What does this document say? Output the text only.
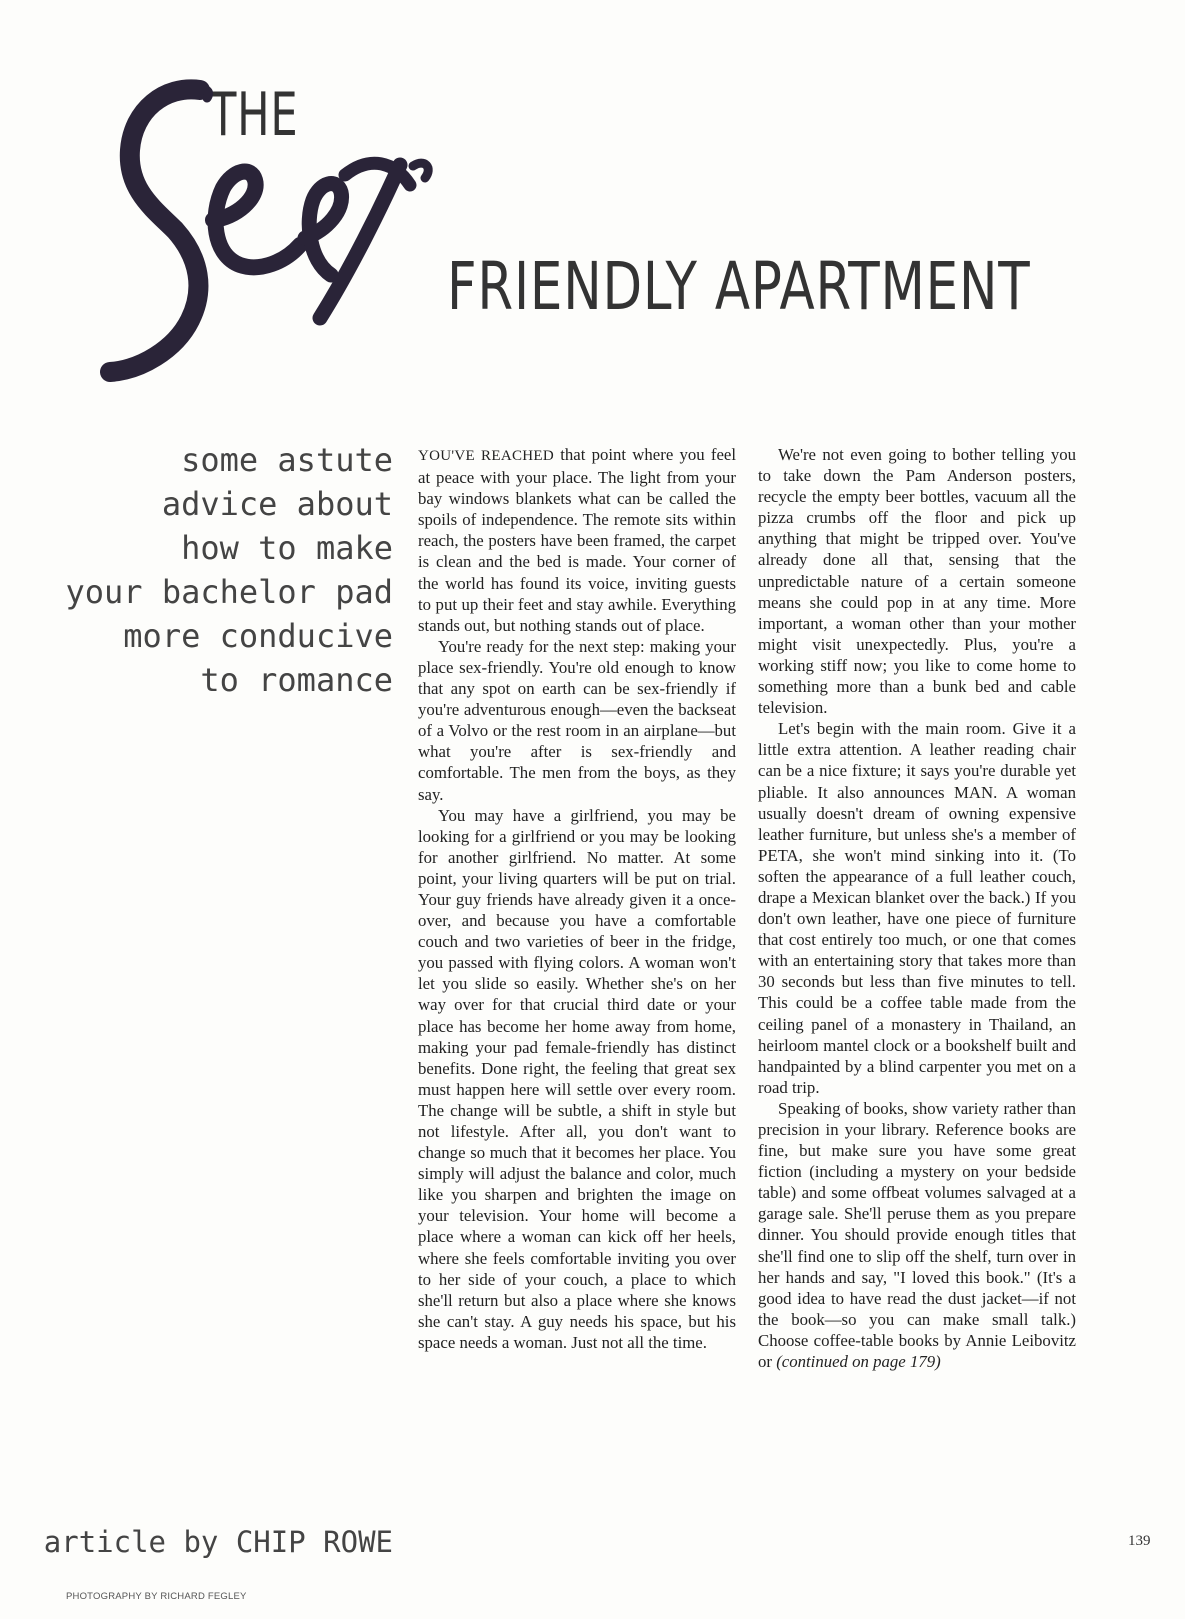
THE
FRIENDLY APARTMENT
some astute
advice about
how to make
your bachelor pad
more conducive
to romance
article by CHIP ROWE

YOU'VE REACHED that point where you feel at peace with your place. The light from your bay windows blankets what can be called the spoils of independence. The remote sits within reach, the posters have been framed, the carpet is clean and the bed is made. Your corner of the world has found its voice, inviting guests to put up their feet and stay awhile. Everything stands out, but nothing stands out of place.

You're ready for the next step: making your place sex-friendly. You're old enough to know that any spot on earth can be sex-friendly if you're adventurous enough—even the backseat of a Volvo or the rest room in an airplane—but what you're after is sex-friendly and comfortable. The men from the boys, as they say.

You may have a girlfriend, you may be looking for a girlfriend or you may be looking for another girlfriend. No matter. At some point, your living quarters will be put on trial. Your guy friends have already given it a once-over, and because you have a comfortable couch and two varieties of beer in the fridge, you passed with flying colors. A woman won't let you slide so easily. Whether she's on her way over for that crucial third date or your place has become her home away from home, making your pad female-friendly has distinct benefits. Done right, the feeling that great sex must happen here will settle over every room. The change will be subtle, a shift in style but not lifestyle. After all, you don't want to change so much that it becomes her place. You simply will adjust the balance and color, much like you sharpen and brighten the image on your television. Your home will become a place where a woman can kick off her heels, where she feels comfortable inviting you over to her side of your couch, a place to which she'll return but also a place where she knows she can't stay. A guy needs his space, but his space needs a woman. Just not all the time.

We're not even going to bother telling you to take down the Pam Anderson posters, recycle the empty beer bottles, vacuum all the pizza crumbs off the floor and pick up anything that might be tripped over. You've already done all that, sensing that the unpredictable nature of a certain someone means she could pop in at any time. More important, a woman other than your mother might visit unexpectedly. Plus, you're a working stiff now; you like to come home to something more than a bunk bed and cable television.

Let's begin with the main room. Give it a little extra attention. A leather reading chair can be a nice fixture; it says you're durable yet pliable. It also announces MAN. A woman usually doesn't dream of owning expensive leather furniture, but unless she's a member of PETA, she won't mind sinking into it. (To soften the appearance of a full leather couch, drape a Mexican blanket over the back.) If you don't own leather, have one piece of furniture that cost entirely too much, or one that comes with an entertaining story that takes more than 30 seconds but less than five minutes to tell. This could be a coffee table made from the ceiling panel of a monastery in Thailand, an heirloom mantel clock or a bookshelf built and handpainted by a blind carpenter you met on a road trip.

Speaking of books, show variety rather than precision in your library. Reference books are fine, but make sure you have some great fiction (including a mystery on your bedside table) and some offbeat volumes salvaged at a garage sale. She'll peruse them as you prepare dinner. You should provide enough titles that she'll find one to slip off the shelf, turn over in her hands and say, "I loved this book." (It's a good idea to have read the dust jacket—if not the book—so you can make small talk.) Choose coffee-table books by Annie Leibovitz or (continued on page 179)

139
PHOTOGRAPHY BY RICHARD FEGLEY
